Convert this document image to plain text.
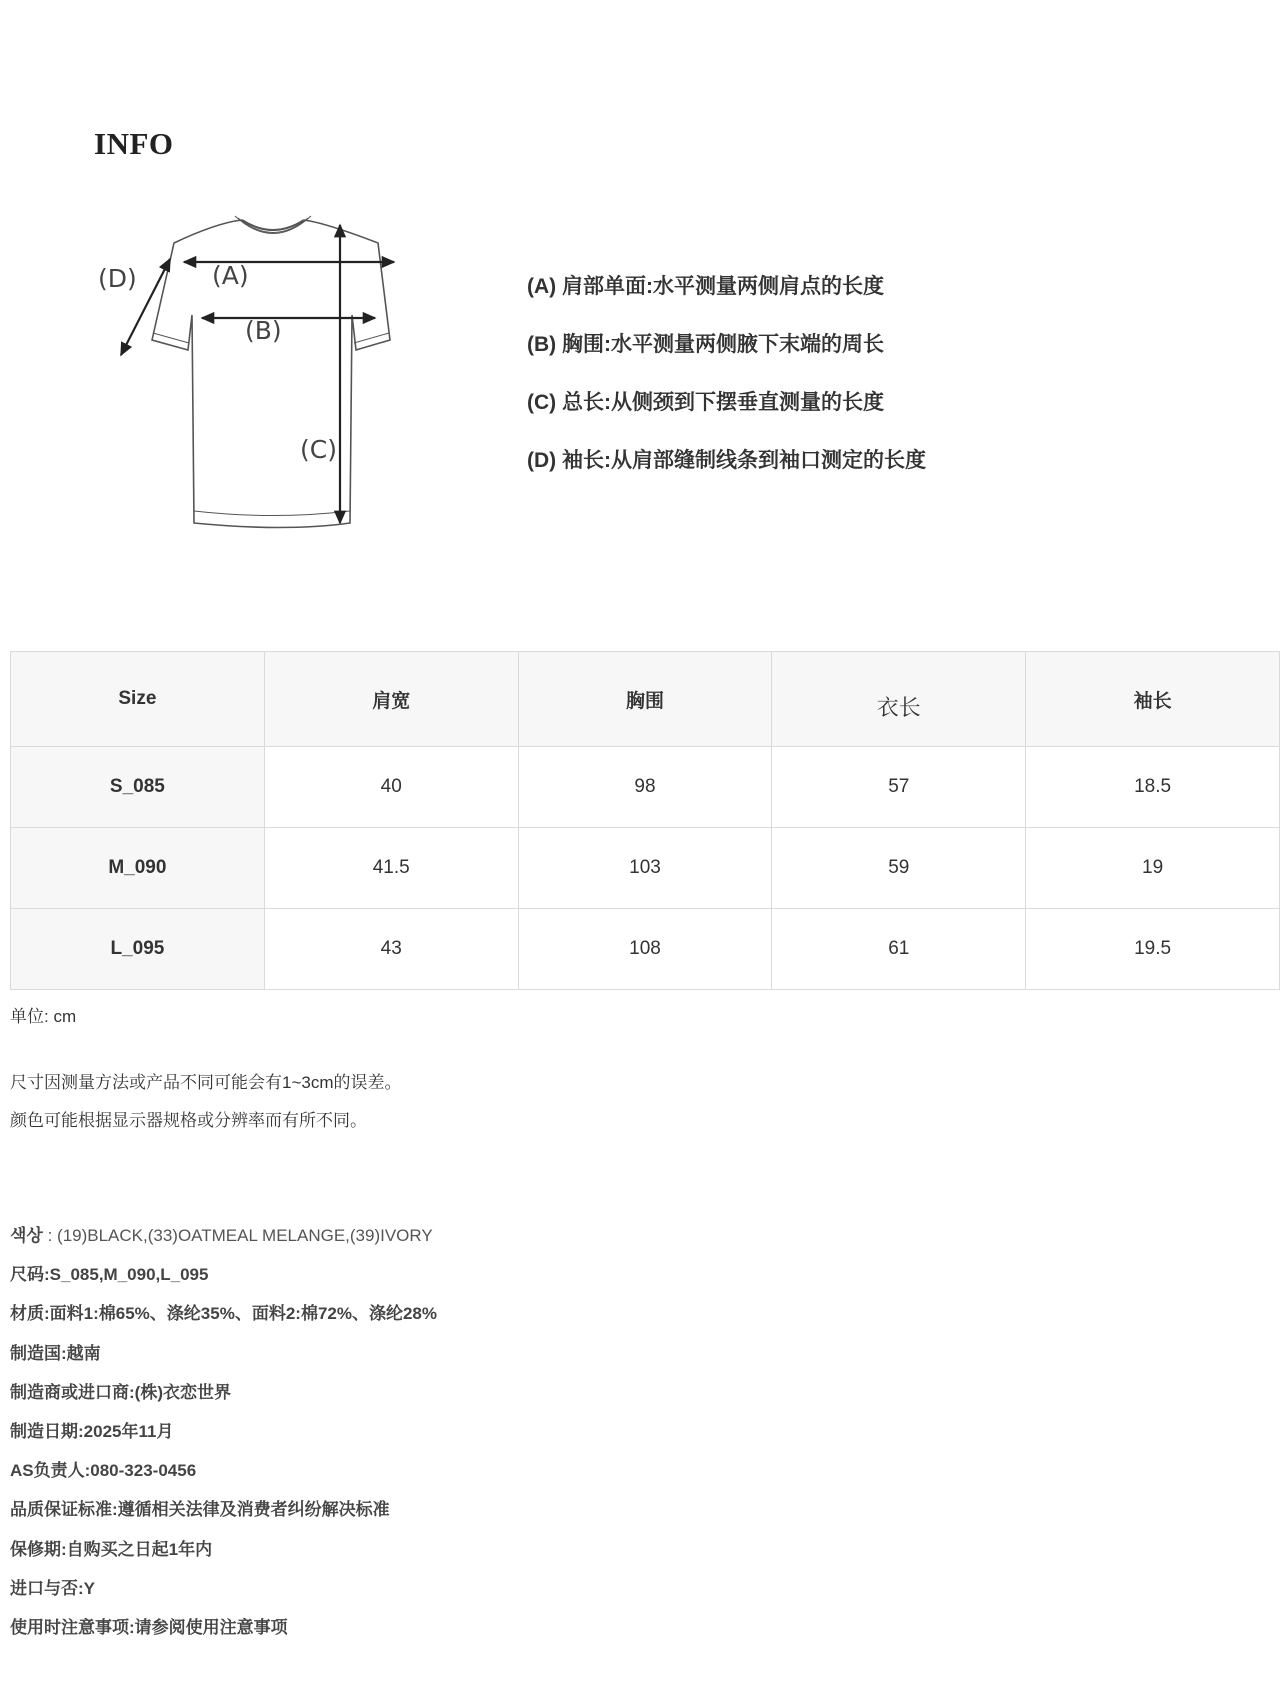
INFO
(A)
(B)
(C)
(D)	(A) 肩部单面:水平测量两侧肩点的长度
(B) 胸围:水平测量两侧腋下末端的周长
(C) 总长:从侧颈到下摆垂直测量的长度
(D) 袖长:从肩部缝制线条到袖口测定的长度
Size	肩宽	胸围	衣长	袖长
S_085	40	98	57	18.5
M_090	41.5	103	59	19
L_095	43	108	61	19.5
单位: cm
尺寸因测量方法或产品不同可能会有1~3cm的误差。
颜色可能根据显示器规格或分辨率而有所不同。
색상 : (19)BLACK,(33)OATMEAL MELANGE,(39)IVORY
尺码:S_085,M_090,L_095
材质:面料1:棉65%、涤纶35%、面料2:棉72%、涤纶28%
制造国:越南
制造商或进口商:(株)衣恋世界
制造日期:2025年11月
AS负责人:080-323-0456
品质保证标准:遵循相关法律及消费者纠纷解决标准
保修期:自购买之日起1年内
进口与否:Y
使用时注意事项:请参阅使用注意事项
